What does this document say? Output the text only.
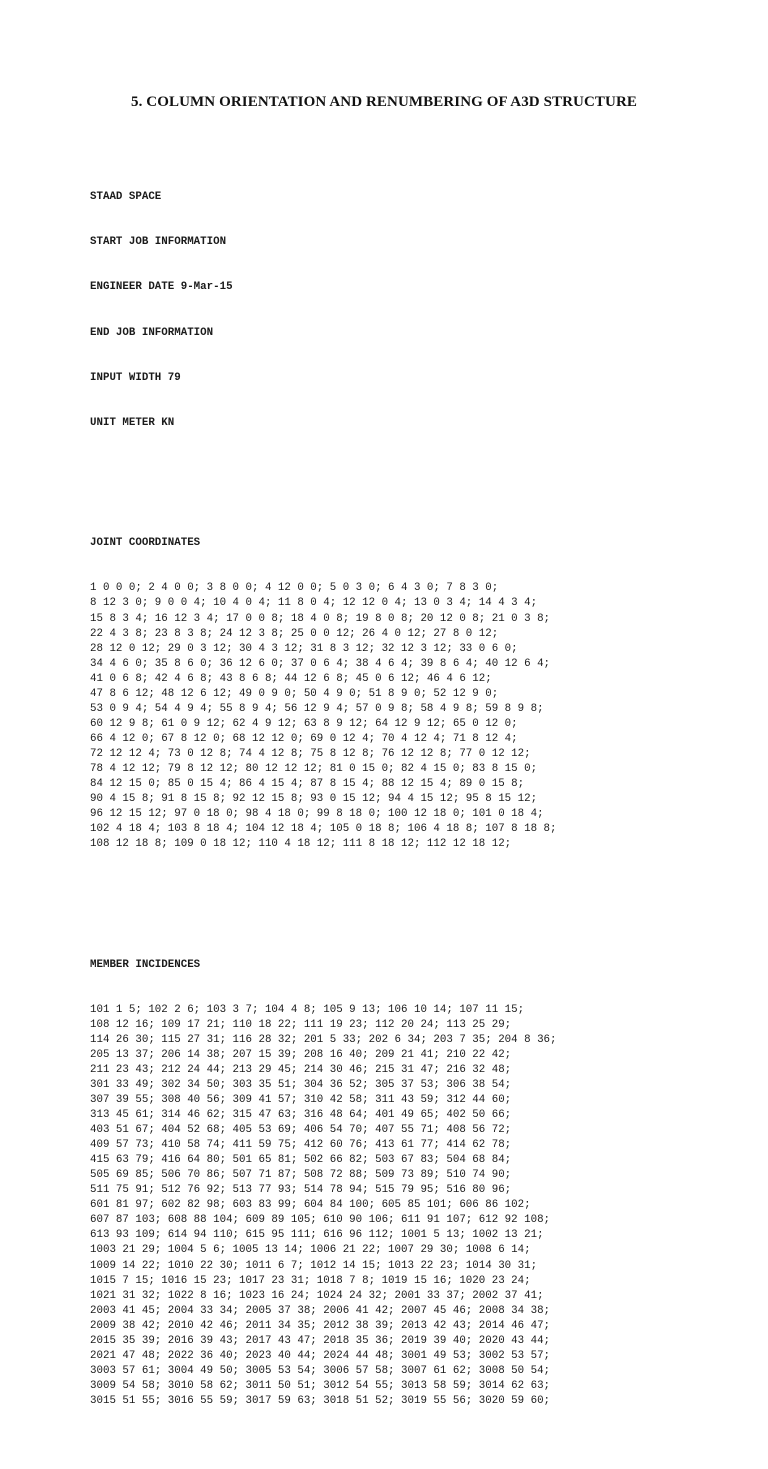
5. COLUMN ORIENTATION AND RENUMBERING OF A3D STRUCTURE

STAAD SPACE

START JOB INFORMATION

ENGINEER DATE 9-Mar-15

END JOB INFORMATION

INPUT WIDTH 79

UNIT METER KN

JOINT COORDINATES

1 0 0 0; 2 4 0 0; 3 8 0 0; 4 12 0 0; 5 0 3 0; 6 4 3 0; 7 8 3 0;
8 12 3 0; 9 0 0 4; 10 4 0 4; 11 8 0 4; 12 12 0 4; 13 0 3 4; 14 4 3 4;
15 8 3 4; 16 12 3 4; 17 0 0 8; 18 4 0 8; 19 8 0 8; 20 12 0 8; 21 0 3 8;
22 4 3 8; 23 8 3 8; 24 12 3 8; 25 0 0 12; 26 4 0 12; 27 8 0 12;
28 12 0 12; 29 0 3 12; 30 4 3 12; 31 8 3 12; 32 12 3 12; 33 0 6 0;
34 4 6 0; 35 8 6 0; 36 12 6 0; 37 0 6 4; 38 4 6 4; 39 8 6 4; 40 12 6 4;
41 0 6 8; 42 4 6 8; 43 8 6 8; 44 12 6 8; 45 0 6 12; 46 4 6 12;
47 8 6 12; 48 12 6 12; 49 0 9 0; 50 4 9 0; 51 8 9 0; 52 12 9 0;
53 0 9 4; 54 4 9 4; 55 8 9 4; 56 12 9 4; 57 0 9 8; 58 4 9 8; 59 8 9 8;
60 12 9 8; 61 0 9 12; 62 4 9 12; 63 8 9 12; 64 12 9 12; 65 0 12 0;
66 4 12 0; 67 8 12 0; 68 12 12 0; 69 0 12 4; 70 4 12 4; 71 8 12 4;
72 12 12 4; 73 0 12 8; 74 4 12 8; 75 8 12 8; 76 12 12 8; 77 0 12 12;
78 4 12 12; 79 8 12 12; 80 12 12 12; 81 0 15 0; 82 4 15 0; 83 8 15 0;
84 12 15 0; 85 0 15 4; 86 4 15 4; 87 8 15 4; 88 12 15 4; 89 0 15 8;
90 4 15 8; 91 8 15 8; 92 12 15 8; 93 0 15 12; 94 4 15 12; 95 8 15 12;
96 12 15 12; 97 0 18 0; 98 4 18 0; 99 8 18 0; 100 12 18 0; 101 0 18 4;
102 4 18 4; 103 8 18 4; 104 12 18 4; 105 0 18 8; 106 4 18 8; 107 8 18 8;
108 12 18 8; 109 0 18 12; 110 4 18 12; 111 8 18 12; 112 12 18 12;

MEMBER INCIDENCES

101 1 5; 102 2 6; 103 3 7; 104 4 8; 105 9 13; 106 10 14; 107 11 15;
108 12 16; 109 17 21; 110 18 22; 111 19 23; 112 20 24; 113 25 29;
114 26 30; 115 27 31; 116 28 32; 201 5 33; 202 6 34; 203 7 35; 204 8 36;
205 13 37; 206 14 38; 207 15 39; 208 16 40; 209 21 41; 210 22 42;
211 23 43; 212 24 44; 213 29 45; 214 30 46; 215 31 47; 216 32 48;
301 33 49; 302 34 50; 303 35 51; 304 36 52; 305 37 53; 306 38 54;
307 39 55; 308 40 56; 309 41 57; 310 42 58; 311 43 59; 312 44 60;
313 45 61; 314 46 62; 315 47 63; 316 48 64; 401 49 65; 402 50 66;
403 51 67; 404 52 68; 405 53 69; 406 54 70; 407 55 71; 408 56 72;
409 57 73; 410 58 74; 411 59 75; 412 60 76; 413 61 77; 414 62 78;
415 63 79; 416 64 80; 501 65 81; 502 66 82; 503 67 83; 504 68 84;
505 69 85; 506 70 86; 507 71 87; 508 72 88; 509 73 89; 510 74 90;
511 75 91; 512 76 92; 513 77 93; 514 78 94; 515 79 95; 516 80 96;
601 81 97; 602 82 98; 603 83 99; 604 84 100; 605 85 101; 606 86 102;
607 87 103; 608 88 104; 609 89 105; 610 90 106; 611 91 107; 612 92 108;
613 93 109; 614 94 110; 615 95 111; 616 96 112; 1001 5 13; 1002 13 21;
1003 21 29; 1004 5 6; 1005 13 14; 1006 21 22; 1007 29 30; 1008 6 14;
1009 14 22; 1010 22 30; 1011 6 7; 1012 14 15; 1013 22 23; 1014 30 31;
1015 7 15; 1016 15 23; 1017 23 31; 1018 7 8; 1019 15 16; 1020 23 24;
1021 31 32; 1022 8 16; 1023 16 24; 1024 24 32; 2001 33 37; 2002 37 41;
2003 41 45; 2004 33 34; 2005 37 38; 2006 41 42; 2007 45 46; 2008 34 38;
2009 38 42; 2010 42 46; 2011 34 35; 2012 38 39; 2013 42 43; 2014 46 47;
2015 35 39; 2016 39 43; 2017 43 47; 2018 35 36; 2019 39 40; 2020 43 44;
2021 47 48; 2022 36 40; 2023 40 44; 2024 44 48; 3001 49 53; 3002 53 57;
3003 57 61; 3004 49 50; 3005 53 54; 3006 57 58; 3007 61 62; 3008 50 54;
3009 54 58; 3010 58 62; 3011 50 51; 3012 54 55; 3013 58 59; 3014 62 63;
3015 51 55; 3016 55 59; 3017 59 63; 3018 51 52; 3019 55 56; 3020 59 60;
